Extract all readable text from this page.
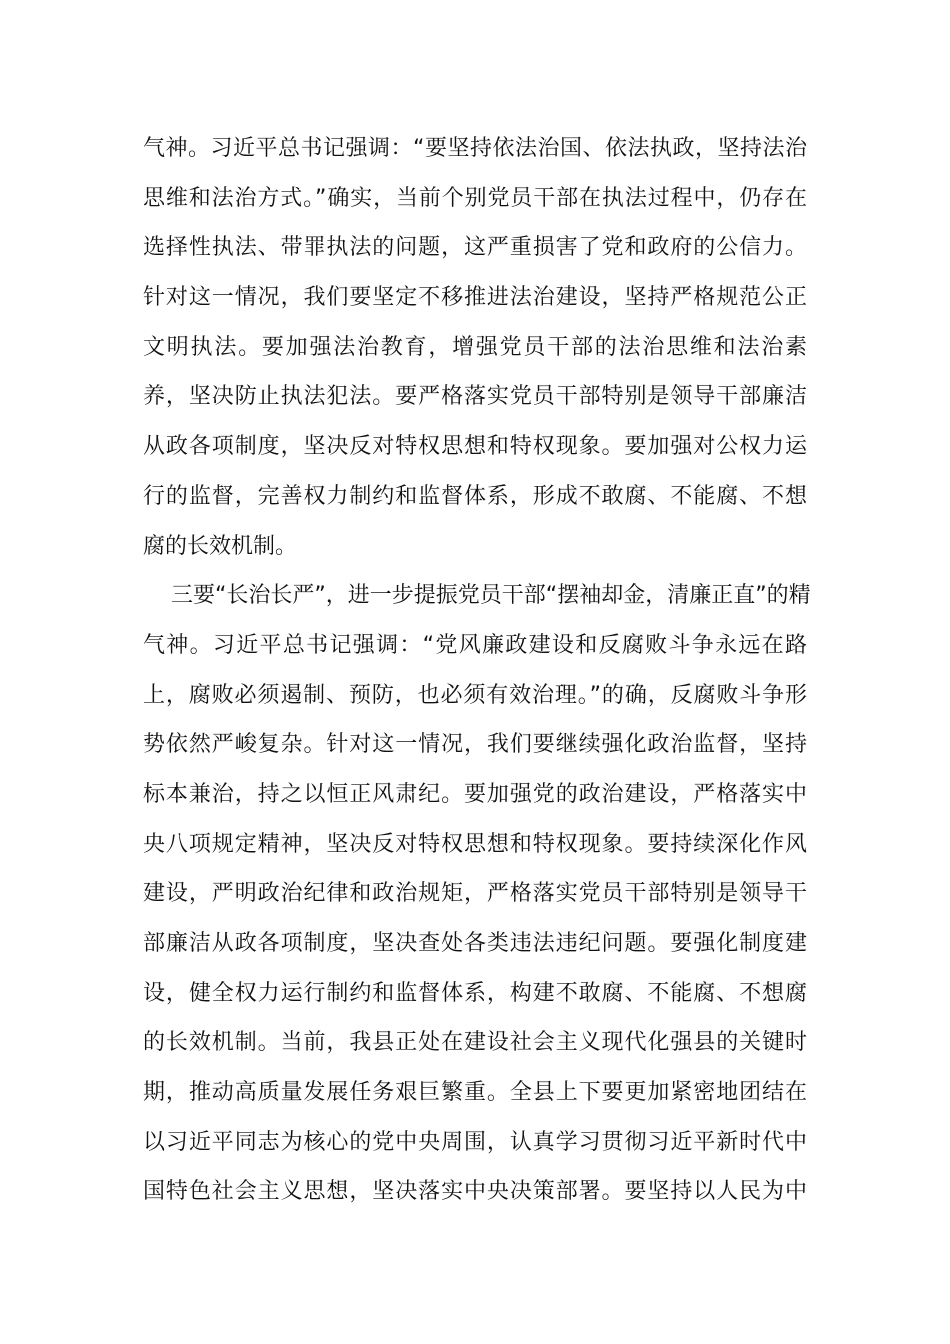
气神。习近平总书记强调：“要坚持依法治国、依法执政，坚持法治
思维和法治方式。”确实，当前个别党员干部在执法过程中，仍存在
选择性执法、带罪执法的问题，这严重损害了党和政府的公信力。
针对这一情况，我们要坚定不移推进法治建设，坚持严格规范公正
文明执法。要加强法治教育，增强党员干部的法治思维和法治素
养，坚决防止执法犯法。要严格落实党员干部特别是领导干部廉洁
从政各项制度，坚决反对特权思想和特权现象。要加强对公权力运
行的监督，完善权力制约和监督体系，形成不敢腐、不能腐、不想
腐的长效机制。
三要“长治长严”，进一步提振党员干部“摆袖却金，清廉正直”的精
气神。习近平总书记强调：“党风廉政建设和反腐败斗争永远在路
上，腐败必须遏制、预防，也必须有效治理。”的确，反腐败斗争形
势依然严峻复杂。针对这一情况，我们要继续强化政治监督，坚持
标本兼治，持之以恒正风肃纪。要加强党的政治建设，严格落实中
央八项规定精神，坚决反对特权思想和特权现象。要持续深化作风
建设，严明政治纪律和政治规矩，严格落实党员干部特别是领导干
部廉洁从政各项制度，坚决查处各类违法违纪问题。要强化制度建
设，健全权力运行制约和监督体系，构建不敢腐、不能腐、不想腐
的长效机制。当前，我县正处在建设社会主义现代化强县的关键时
期，推动高质量发展任务艰巨繁重。全县上下要更加紧密地团结在
以习近平同志为核心的党中央周围，认真学习贯彻习近平新时代中
国特色社会主义思想，坚决落实中央决策部署。要坚持以人民为中
